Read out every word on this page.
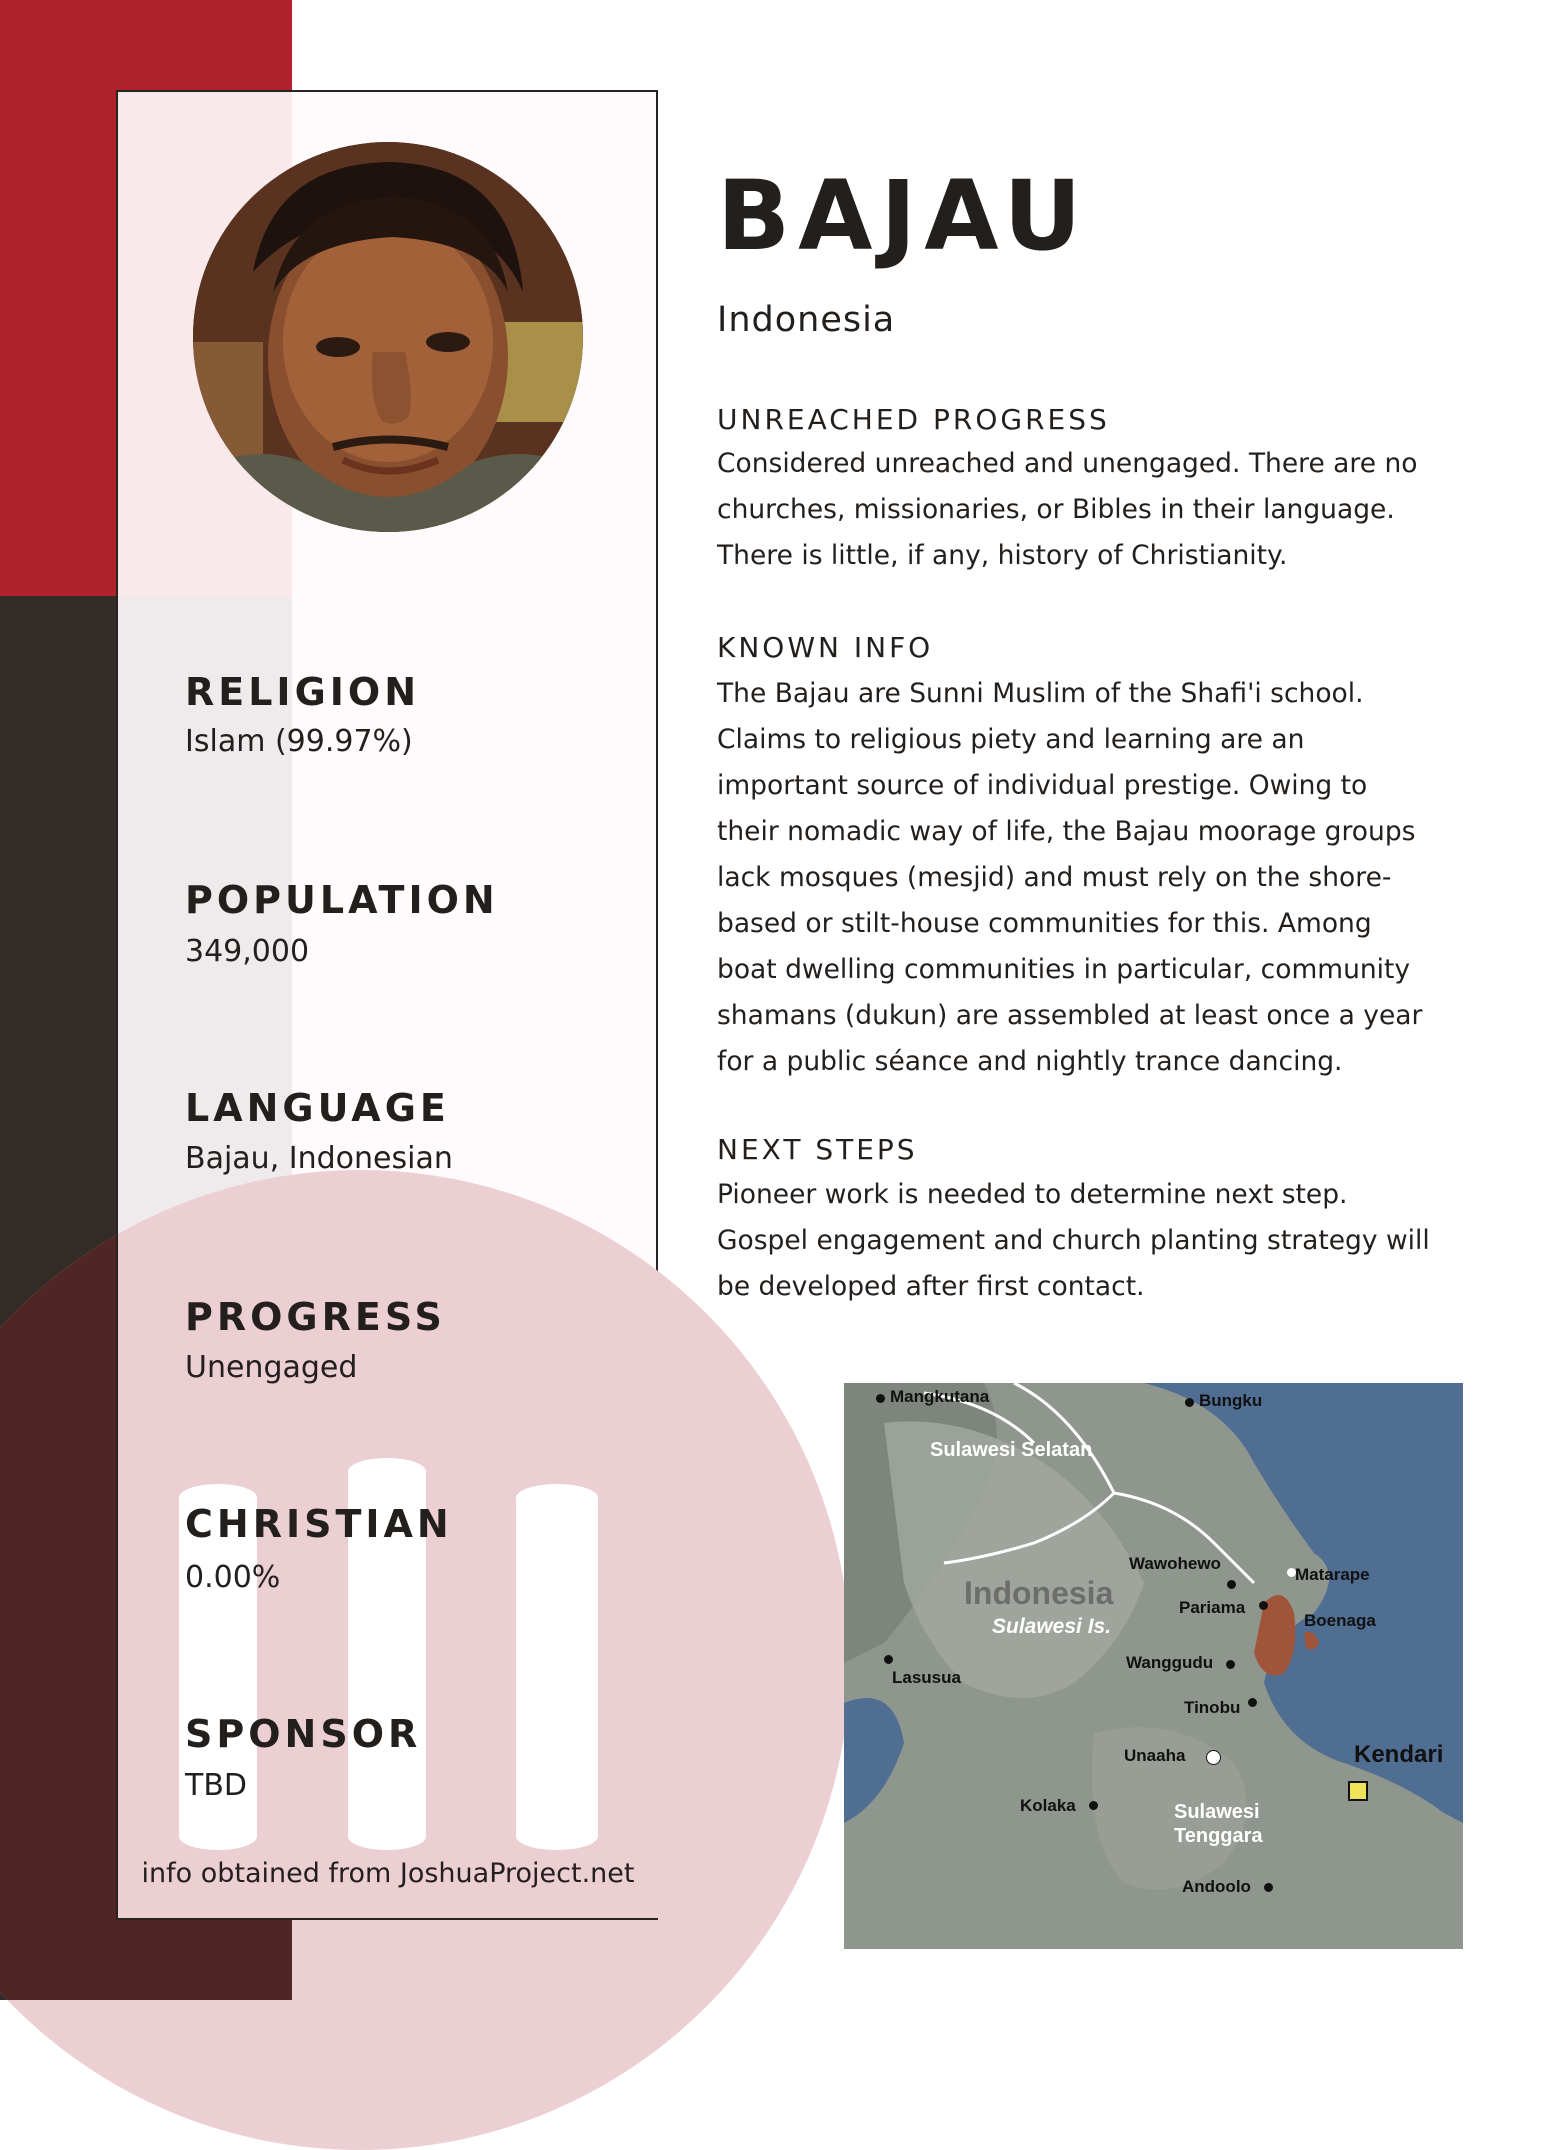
RELIGION
Islam (99.97%)
POPULATION
349,000
LANGUAGE
Bajau, Indonesian
PROGRESS
Unengaged
CHRISTIAN
0.00%
SPONSOR
TBD
info obtained from JoshuaProject.net
BAJAU
Indonesia
UNREACHED PROGRESS
Considered unreached and unengaged. There are no churches, missionaries, or Bibles in their language. There is little, if any, history of Christianity.
KNOWN INFO
The Bajau are Sunni Muslim of the Shafi'i school. Claims to religious piety and learning are an important source of individual prestige. Owing to their nomadic way of life, the Bajau moorage groups lack mosques (mesjid) and must rely on the shore-based or stilt-house communities for this. Among boat dwelling communities in particular, community shamans (dukun) are assembled at least once a year for a public séance and nightly trance dancing.
NEXT STEPS
Pioneer work is needed to determine next step. Gospel engagement and church planting strategy will be developed after first contact.
Mangkutana	Bungku
Sulawesi Selatan
Wawohewo
Matarape
Indonesia	Pariama
Boenaga
Sulawesi Is.
Lasusua
Wanggudu
Tinobu
Unaaha	Kendari
Kolaka	Sulawesi
Tenggara
Andoolo
